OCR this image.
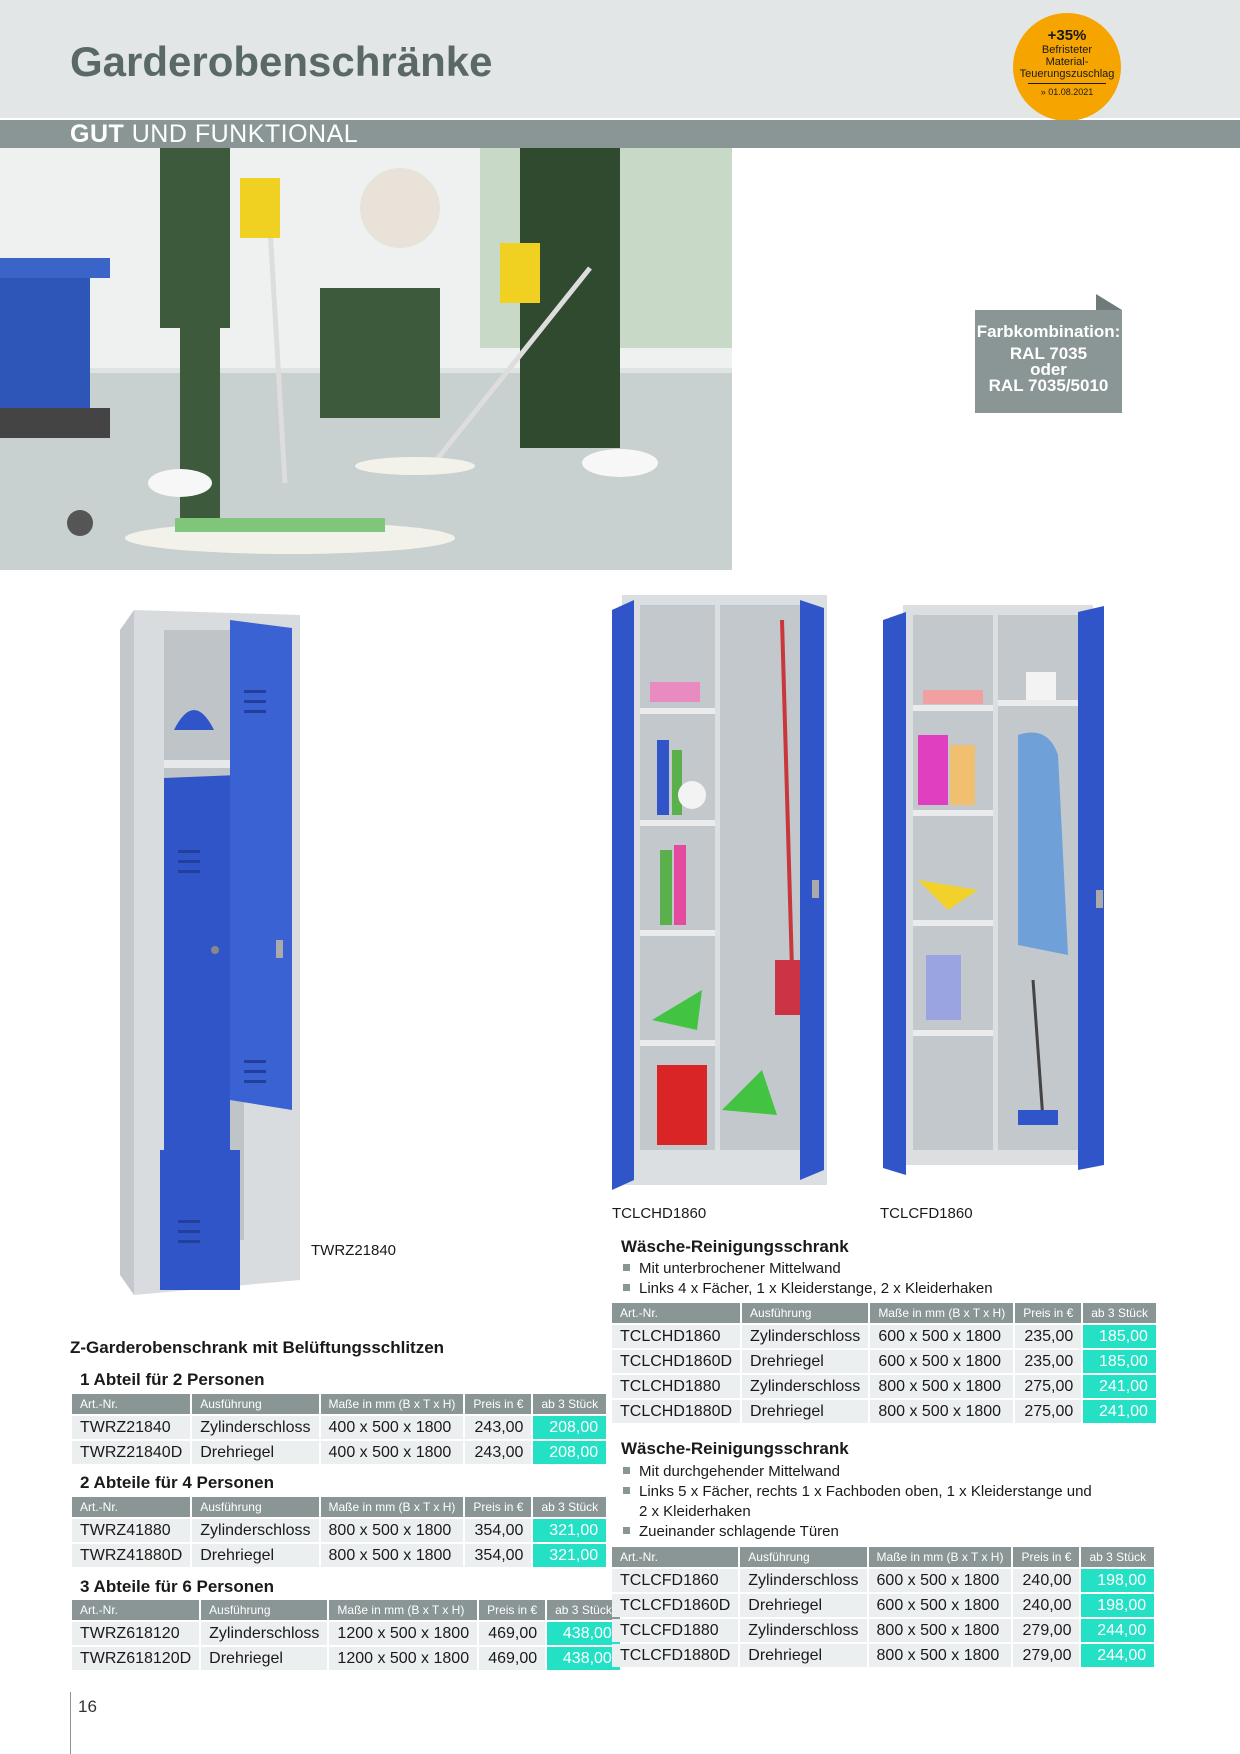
Garderobenschränke
+35%
Befristeter
Material-
Teuerungszuschlag
» 01.08.2021
GUT UND FUNKTIONAL
Farbkombination:
RAL 7035
oder
RAL 7035/5010
TWRZ21840
TCLCHD1860	TCLCFD1860
Z-Garderobenschrank mit Belüftungsschlitzen
1 Abteil für 2 Personen
Art.-Nr.	Ausführung	Maße in mm (B x T x H)	Preis in €	ab 3 Stück
TWRZ21840	Zylinderschloss	400 x 500 x 1800	243,00	208,00
TWRZ21840D	Drehriegel	400 x 500 x 1800	243,00	208,00
2 Abteile für 4 Personen
Art.-Nr.	Ausführung	Maße in mm (B x T x H)	Preis in €	ab 3 Stück
TWRZ41880	Zylinderschloss	800 x 500 x 1800	354,00	321,00
TWRZ41880D	Drehriegel	800 x 500 x 1800	354,00	321,00
3 Abteile für 6 Personen
Art.-Nr.	Ausführung	Maße in mm (B x T x H)	Preis in €	ab 3 Stück
TWRZ618120	Zylinderschloss	1200 x 500 x 1800	469,00	438,00
TWRZ618120D	Drehriegel	1200 x 500 x 1800	469,00	438,00
Wäsche-Reinigungsschrank
Mit unterbrochener Mittelwand
Links 4 x Fächer, 1 x Kleiderstange, 2 x Kleiderhaken
Art.-Nr.	Ausführung	Maße in mm (B x T x H)	Preis in €	ab 3 Stück
TCLCHD1860	Zylinderschloss	600 x 500 x 1800	235,00	185,00
TCLCHD1860D	Drehriegel	600 x 500 x 1800	235,00	185,00
TCLCHD1880	Zylinderschloss	800 x 500 x 1800	275,00	241,00
TCLCHD1880D	Drehriegel	800 x 500 x 1800	275,00	241,00
Wäsche-Reinigungsschrank
Mit durchgehender Mittelwand
Links 5 x Fächer, rechts 1 x Fachboden oben, 1 x Kleiderstange und
2 x Kleiderhaken
Zueinander schlagende Türen
Art.-Nr.	Ausführung	Maße in mm (B x T x H)	Preis in €	ab 3 Stück
TCLCFD1860	Zylinderschloss	600 x 500 x 1800	240,00	198,00
TCLCFD1860D	Drehriegel	600 x 500 x 1800	240,00	198,00
TCLCFD1880	Zylinderschloss	800 x 500 x 1800	279,00	244,00
TCLCFD1880D	Drehriegel	800 x 500 x 1800	279,00	244,00
16
